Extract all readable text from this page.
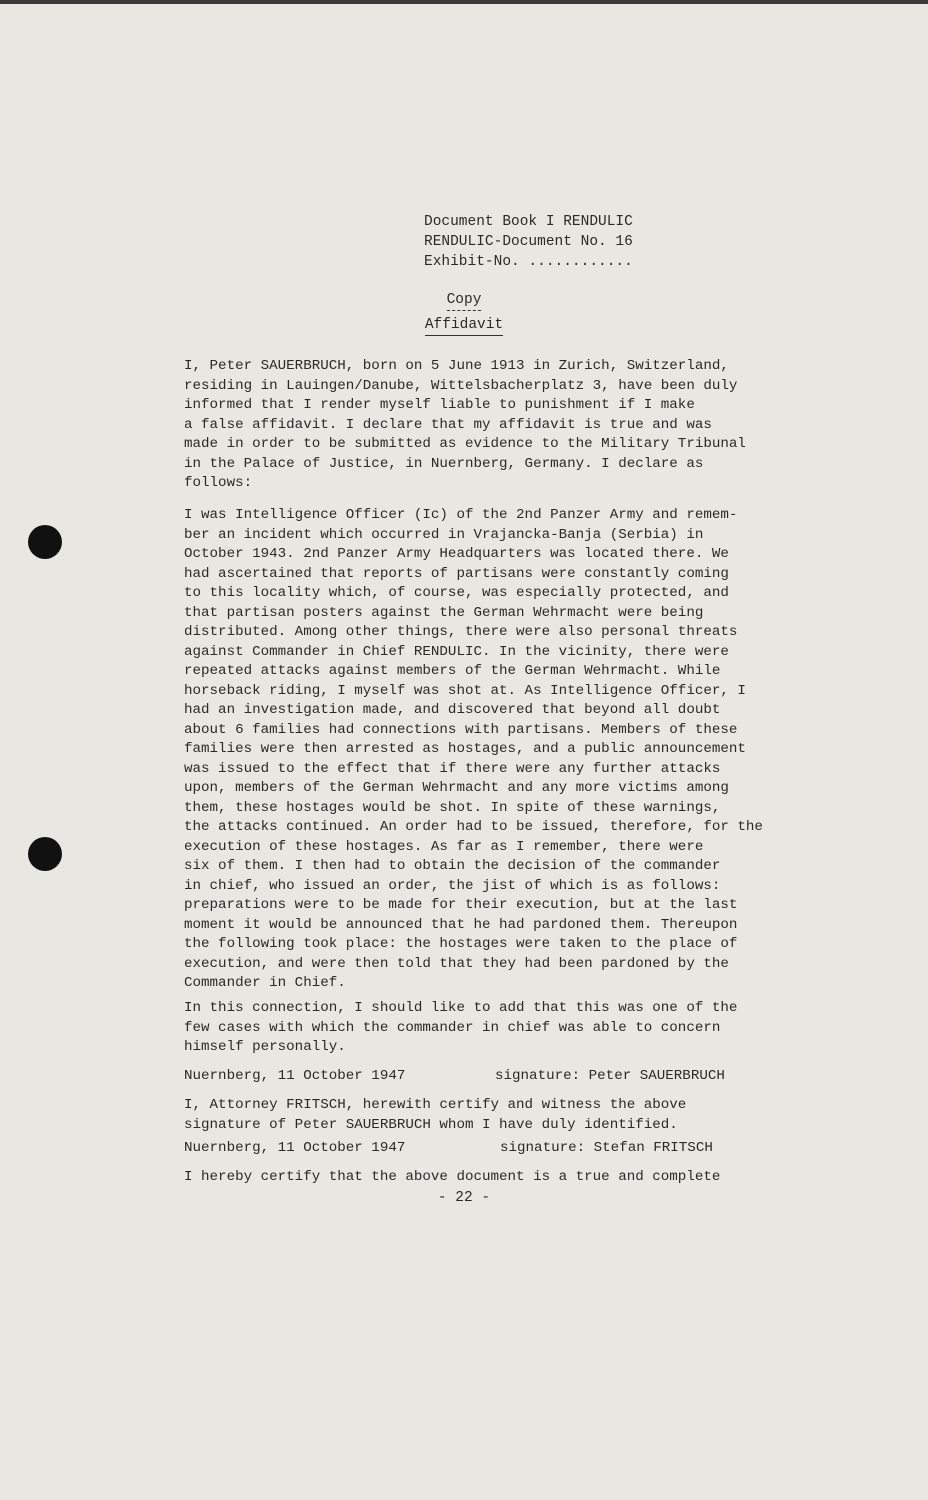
Document Book I RENDULIC
RENDULIC-Document No. 16
Exhibit-No. ............
Copy
Affidavit
I, Peter SAUERBRUCH, born on 5 June 1913 in Zurich, Switzerland,
residing in Lauingen/Danube, Wittelsbacherplatz 3, have been duly
informed that I render myself liable to punishment if I make
a false affidavit. I declare that my affidavit is true and was
made in order to be submitted as evidence to the Military Tribunal
in the Palace of Justice, in Nuernberg, Germany. I declare as
follows:
I was Intelligence Officer (Ic) of the 2nd Panzer Army and remem-
ber an incident which occurred in Vrajancka-Banja (Serbia) in
October 1943. 2nd Panzer Army Headquarters was located there. We
had ascertained that reports of partisans were constantly coming
to this locality which, of course, was especially protected, and
that partisan posters against the German Wehrmacht were being
distributed. Among other things, there were also personal threats
against Commander in Chief RENDULIC. In the vicinity, there were
repeated attacks against members of the German Wehrmacht. While
horseback riding, I myself was shot at. As Intelligence Officer, I
had an investigation made, and discovered that beyond all doubt
about 6 families had connections with partisans. Members of these
families were then arrested as hostages, and a public announcement
was issued to the effect that if there were any further attacks
upon, members of the German Wehrmacht and any more victims among
them, these hostages would be shot. In spite of these warnings,
the attacks continued. An order had to be issued, therefore, for the
execution of these hostages. As far as I remember, there were
six of them. I then had to obtain the decision of the commander
in chief, who issued an order, the jist of which is as follows:
preparations were to be made for their execution, but at the last
moment it would be announced that he had pardoned them. Thereupon
the following took place: the hostages were taken to the place of
execution, and were then told that they had been pardoned by the
Commander in Chief.
In this connection, I should like to add that this was one of the
few cases with which the commander in chief was able to concern
himself personally.
Nuernberg, 11 October 1947	signature: Peter SAUERBRUCH
I, Attorney FRITSCH, herewith certify and witness the above
signature of Peter SAUERBRUCH whom I have duly identified.
Nuernberg, 11 October 1947	signature: Stefan FRITSCH
I hereby certify that the above document is a true and complete
- 22 -
